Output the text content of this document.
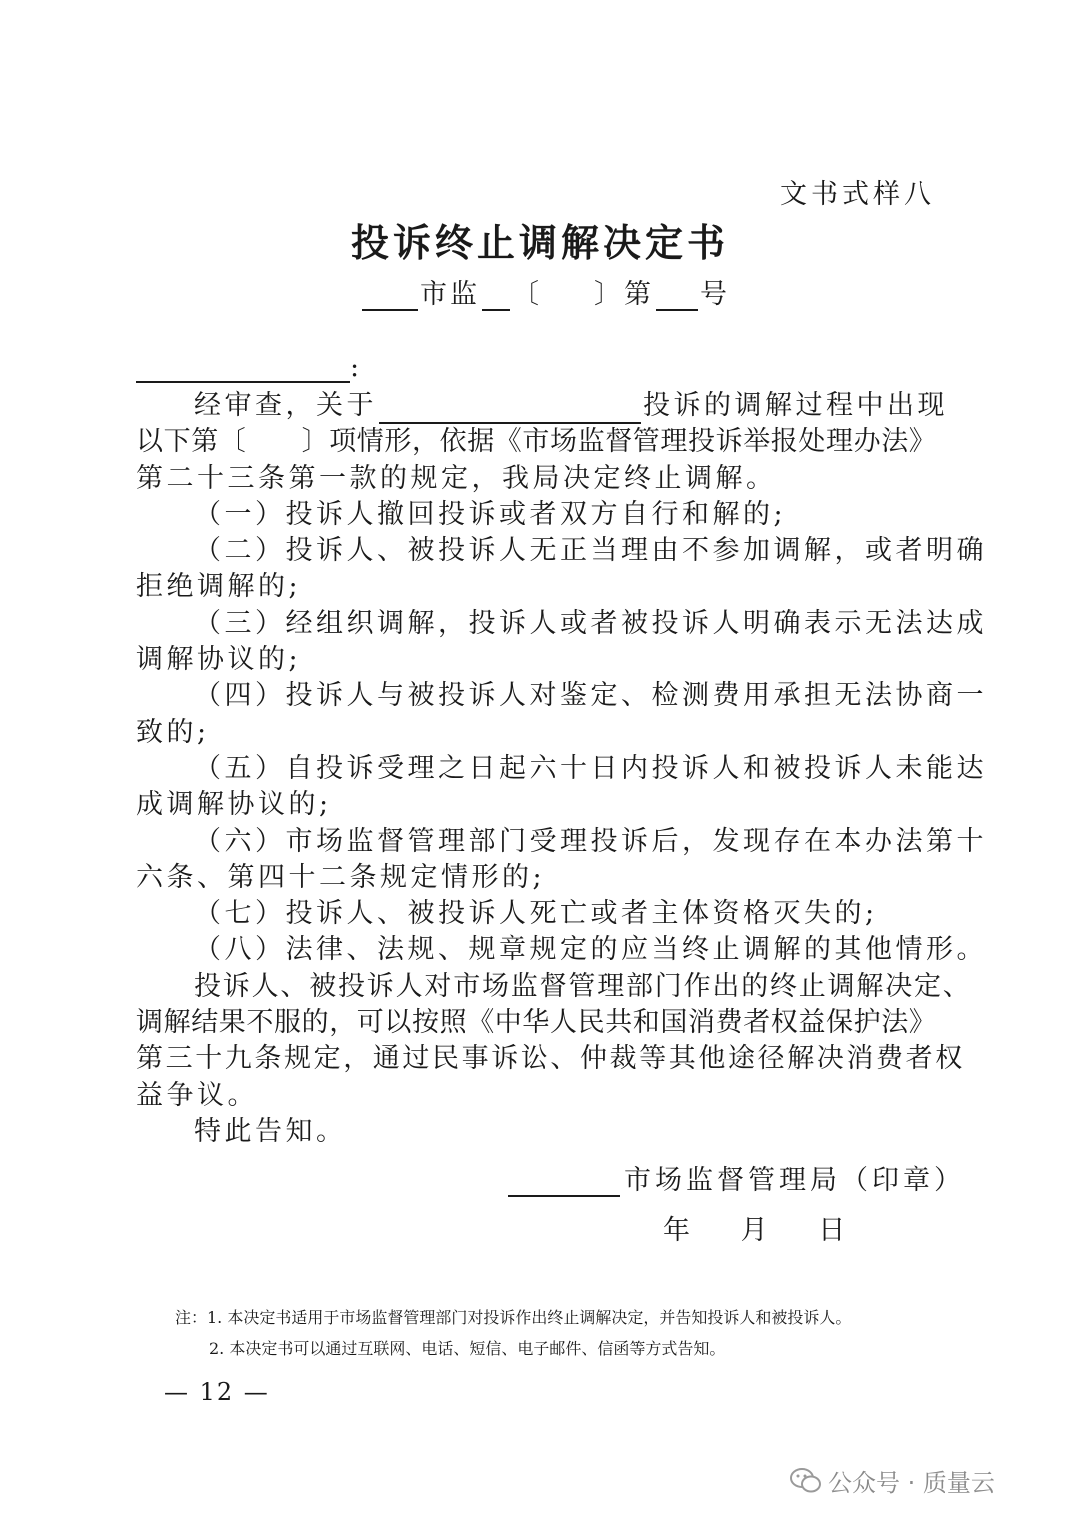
文书式样八
投诉终止调解决定书
市监 〔 〕第 号
:
经审查，关于	投诉的调解过程中出现
以下第〔　　〕项情形，依据《市场监督管理投诉举报处理办法》
第二十三条第一款的规定，我局决定终止调解。
（一）投诉人撤回投诉或者双方自行和解的;
（二）投诉人、被投诉人无正当理由不参加调解，或者明确
拒绝调解的;
（三）经组织调解，投诉人或者被投诉人明确表示无法达成
调解协议的;
（四）投诉人与被投诉人对鉴定、检测费用承担无法协商一
致的;
（五）自投诉受理之日起六十日内投诉人和被投诉人未能达
成调解协议的;
（六）市场监督管理部门受理投诉后，发现存在本办法第十
六条、第四十二条规定情形的;
（七）投诉人、被投诉人死亡或者主体资格灭失的;
（八）法律、法规、规章规定的应当终止调解的其他情形。
投诉人、被投诉人对市场监督管理部门作出的终止调解决定、
调解结果不服的，可以按照《中华人民共和国消费者权益保护法》
第三十九条规定，通过民事诉讼、仲裁等其他途径解决消费者权
益争议。
特此告知。
市场监督管理局（印章）
年 月 日
注：1. 本决定书适用于市场监督管理部门对投诉作出终止调解决定，并告知投诉人和被投诉人。
2. 本决定书可以通过互联网、电话、短信、电子邮件、信函等方式告知。
— 12 —
公众号 · 质量云
